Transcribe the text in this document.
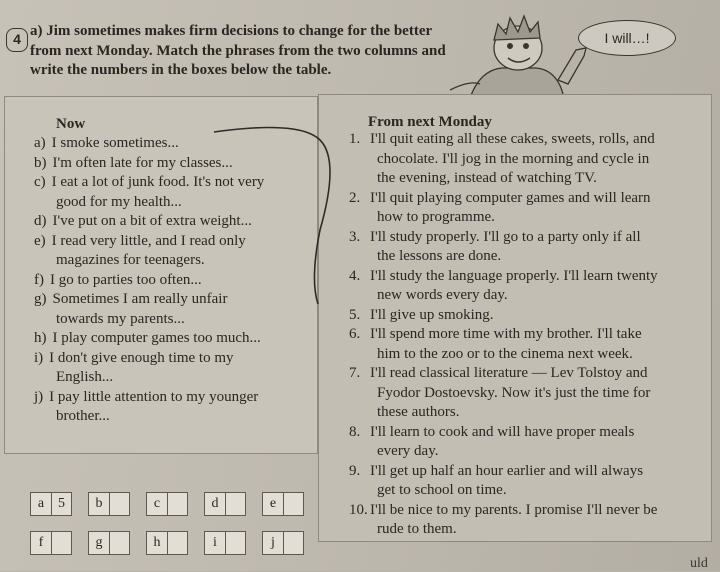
4 a) Jim sometimes makes firm decisions to change for the better from next Monday. Match the phrases from the two columns and write the numbers in the boxes below the table.
I will…!
Now
a) I smoke sometimes...
b) I'm often late for my classes...
c) I eat a lot of junk food. It's not very
good for my health...
d) I've put on a bit of extra weight...
e) I read very little, and I read only
magazines for teenagers.
f) I go to parties too often...
g) Sometimes I am really unfair
towards my parents...
h) I play computer games too much...
i) I don't give enough time to my
English...
j) I pay little attention to my younger
brother...
From next Monday
1. I'll quit eating all these cakes, sweets, rolls, and
chocolate. I'll jog in the morning and cycle in
the evening, instead of watching TV.
2. I'll quit playing computer games and will learn
how to programme.
3. I'll study properly. I'll go to a party only if all
the lessons are done.
4. I'll study the language properly. I'll learn twenty
new words every day.
5. I'll give up smoking.
6. I'll spend more time with my brother. I'll take
him to the zoo or to the cinema next week.
7. I'll read classical literature — Lev Tolstoy and
Fyodor Dostoevsky. Now it's just the time for
these authors.
8. I'll learn to cook and will have proper meals
every day.
9. I'll get up half an hour earlier and will always
get to school on time.
10. I'll be nice to my parents. I promise I'll never be
rude to them.
a 5	b	c	d	e
f	g	h	i	j
uld
